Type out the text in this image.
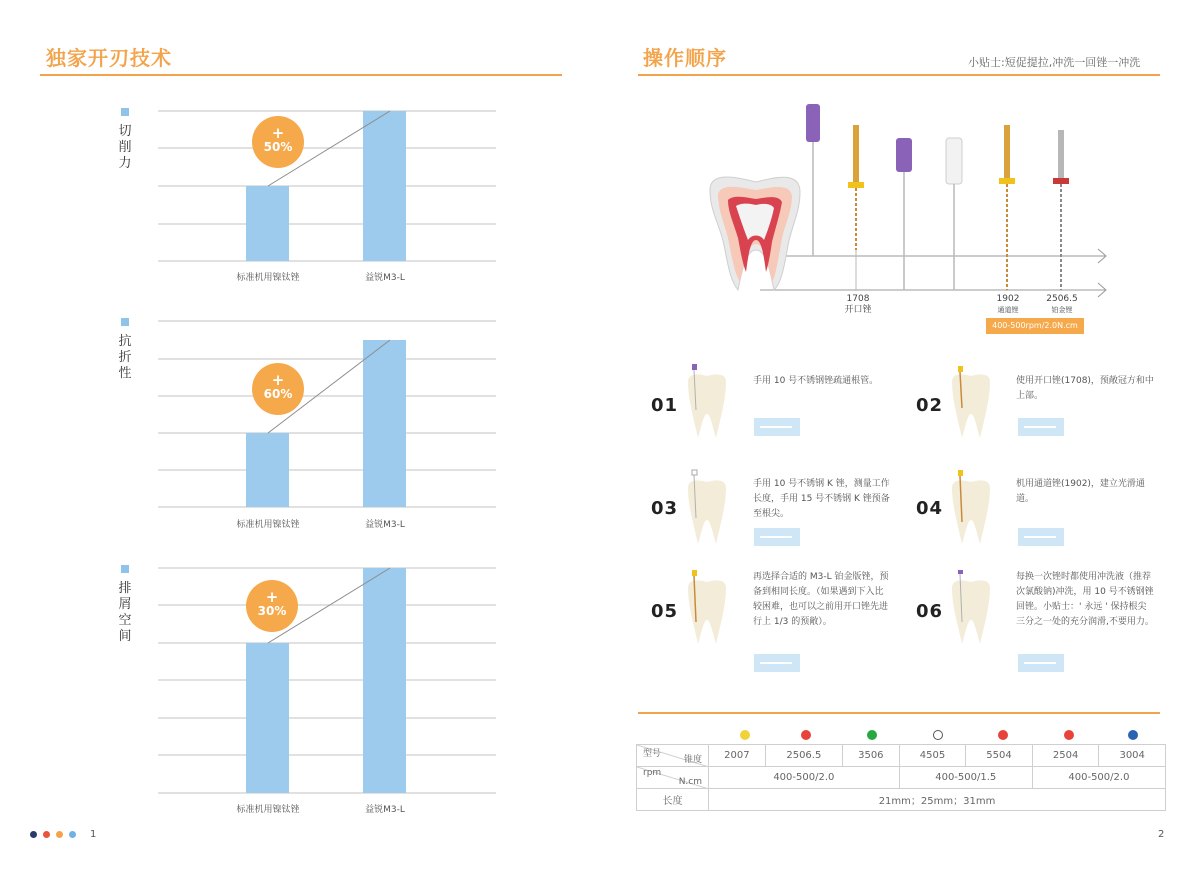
独家开刃技术
切
削
力
+
50%
标准机用镍钛锉	益锐M3-L
抗
折
性	+
60%
标准机用镍钛锉	益锐M3-L
排
屑
空
间
+
30%
标准机用镍钛锉	益锐M3-L
1
操作顺序	小贴士:短促提拉,冲洗一回锉一冲洗
1708
开口锉
1902
通道锉
2506.5
铂金锉
400-500rpm/2.0N.cm
01
手用 10 号不锈钢锉疏通根管。
02
使用开口锉(1708)，预敞冠方和中上部。
03
手用 10 号不锈钢 K 锉，测量工作长度，手用 15 号不锈钢 K 锉预备至根尖。	04
机用通道锉(1902)，建立光滑通道。
05
再选择合适的 M3-L 铂金版锉，预备到相同长度。（如果遇到下入比较困难，也可以之前用开口锉先进行上 1/3 的预敞）。	06
每换一次锉时都使用冲洗液（推荐次氯酸钠)冲洗，用 10 号不锈钢锉回锉。小贴士：' 永远 ' 保持根尖三分之一处的充分润滑,不要用力。
型号
锥度	2007	2506.5	3506	4505	5504	2504	3004

rpm
N.cm	400-500/2.0			400-500/1.5		400-500/2.0	
长度	21mm；25mm；31mm						
2
